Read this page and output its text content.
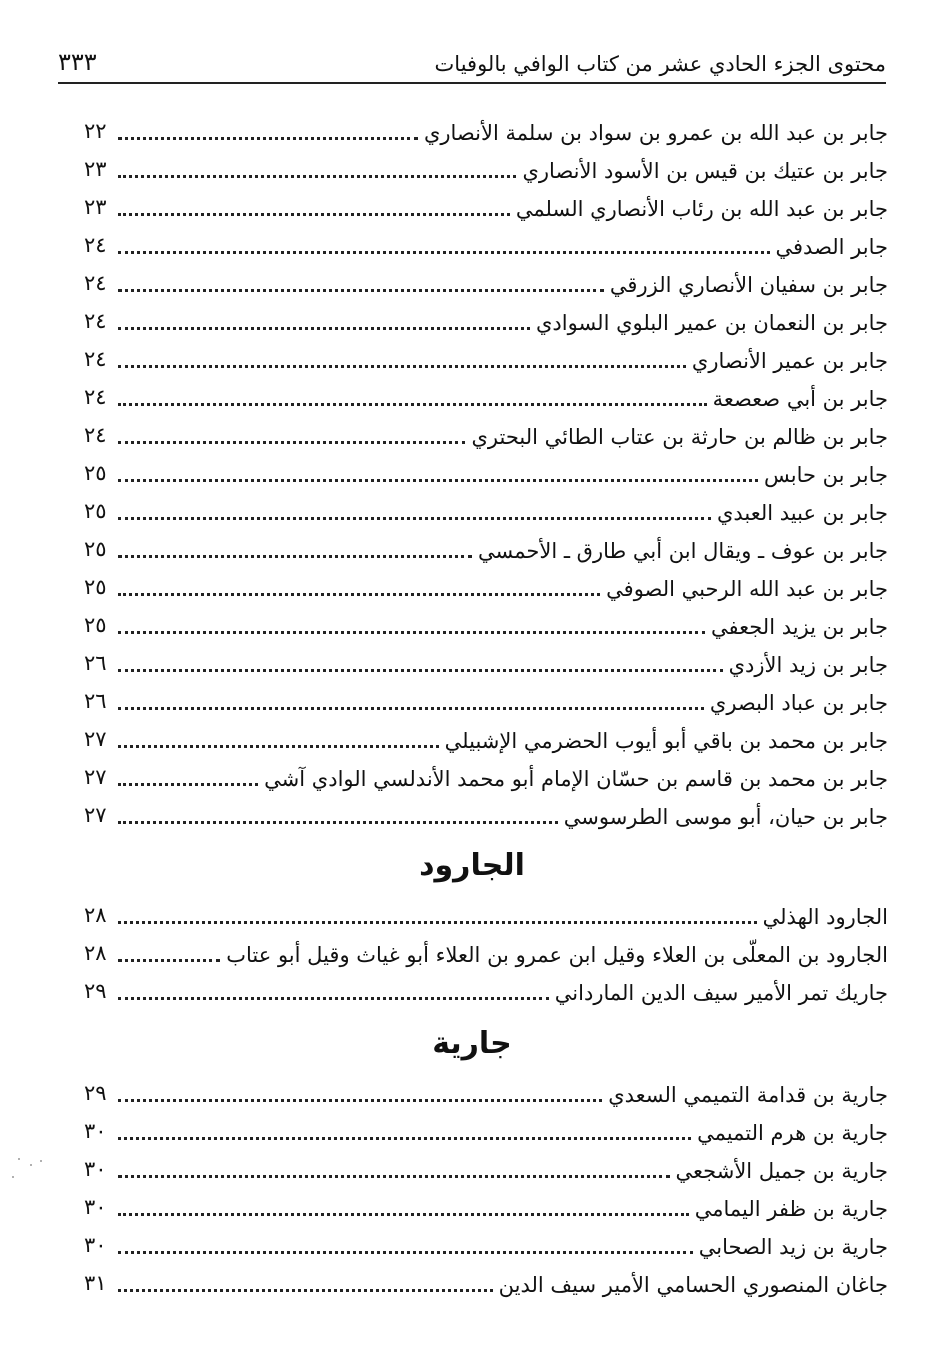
٣٣٣	محتوى الجزء الحادي عشر من كتاب الوافي بالوفيات
جابر بن عبد الله بن عمرو بن سواد بن سلمة الأنصاري
٢٢
جابر بن عتيك بن قيس بن الأسود الأنصاري
٢٣
جابر بن عبد الله بن رئاب الأنصاري السلمي
٢٣
جابر الصدفي
٢٤
جابر بن سفيان الأنصاري الزرقي
٢٤
جابر بن النعمان بن عمير البلوي السوادي
٢٤
جابر بن عمير الأنصاري
٢٤
جابر بن أبي صعصعة
٢٤
جابر بن ظالم بن حارثة بن عتاب الطائي البحتري
٢٤
جابر بن حابس
٢٥
جابر بن عبيد العبدي
٢٥
جابر بن عوف ـ ويقال ابن أبي طارق ـ الأحمسي
٢٥
جابر بن عبد الله الرحبي الصوفي
٢٥
جابر بن يزيد الجعفي
٢٥
جابر بن زيد الأزدي
٢٦
جابر بن عباد البصري
٢٦
جابر بن محمد بن باقي أبو أيوب الحضرمي الإشبيلي
٢٧
جابر بن محمد بن قاسم بن حسّان الإمام أبو محمد الأندلسي الوادي آشي
٢٧
جابر بن حيان، أبو موسى الطرسوسي
٢٧
الجارود
الجارود الهذلي
٢٨
الجارود بن المعلّى بن العلاء وقيل ابن عمرو بن العلاء أبو غياث وقيل أبو عتاب
٢٨
جاريك تمر الأمير سيف الدين المارداني
٢٩
جارية
جارية بن قدامة التميمي السعدي
٢٩
جارية بن هرم التميمي
٣٠
جارية بن جميل الأشجعي
٣٠
جارية بن ظفر اليمامي
٣٠
جارية بن زيد الصحابي
٣٠
جاغان المنصوري الحسامي الأمير سيف الدين
٣١
